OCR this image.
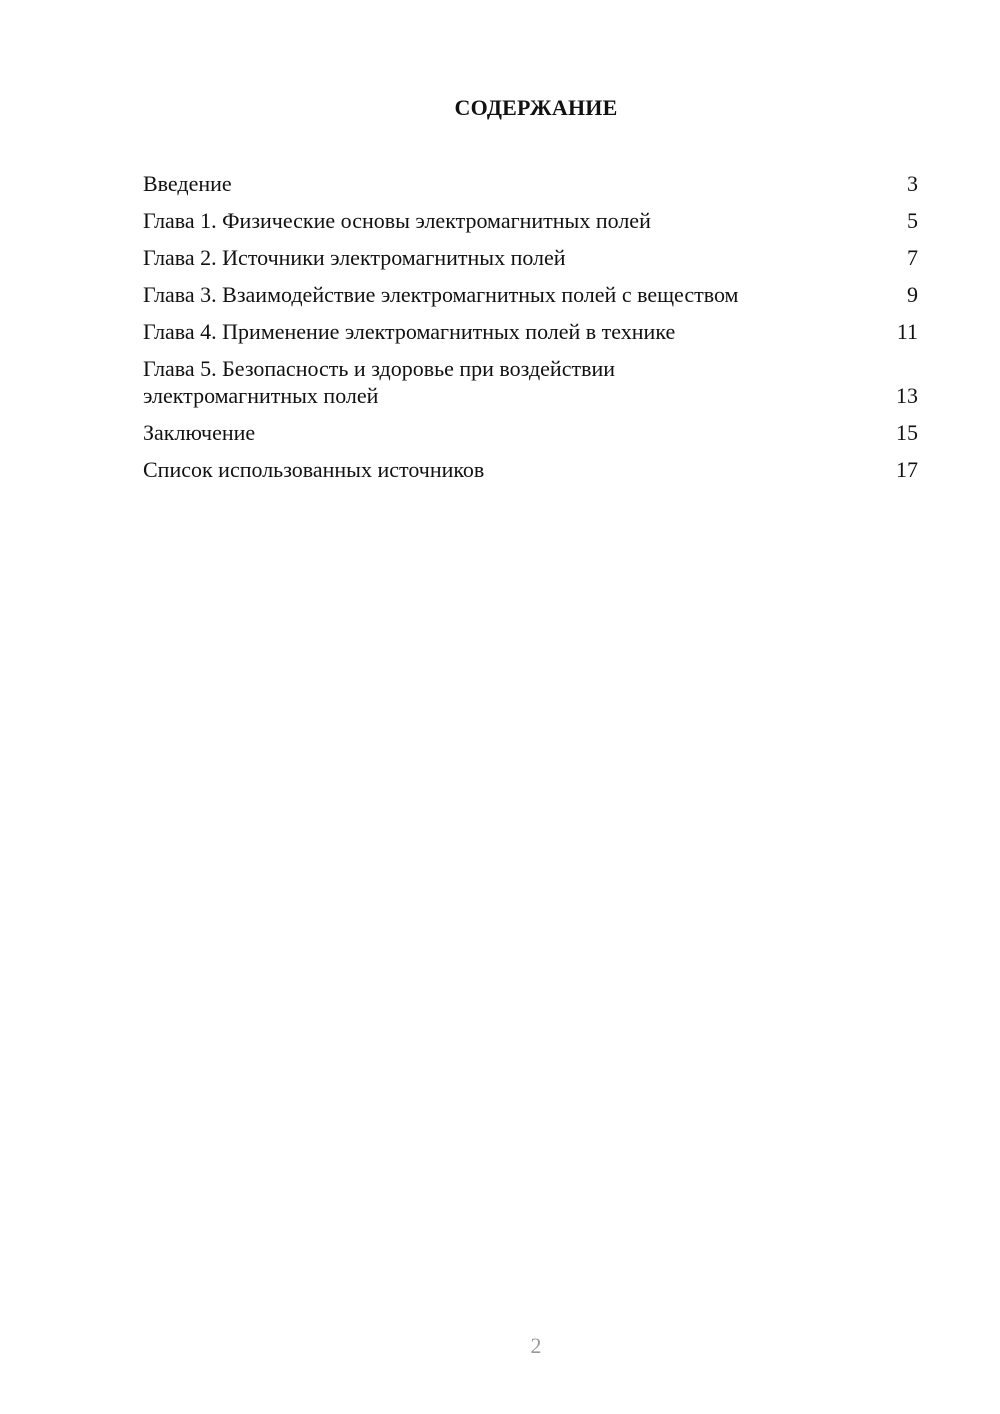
СОДЕРЖАНИЕ
Введение	3
Глава 1. Физические основы электромагнитных полей	5
Глава 2. Источники электромагнитных полей	7
Глава 3. Взаимодействие электромагнитных полей с веществом	9
Глава 4. Применение электромагнитных полей в технике	11
Глава 5. Безопасность и здоровье при воздействии электромагнитных полей	13
Заключение	15
Список использованных источников	17
2
